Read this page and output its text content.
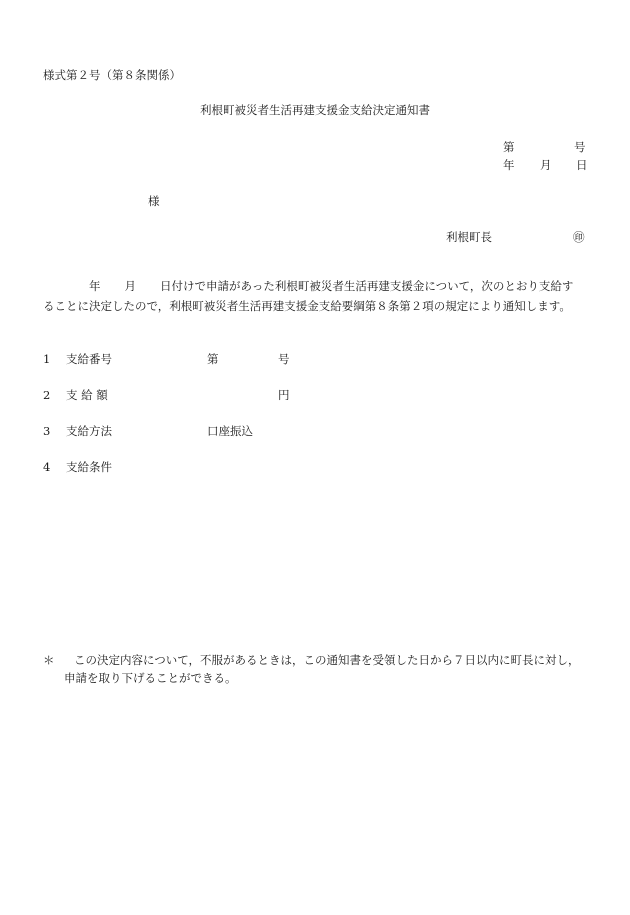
様式第２号（第８条関係）
利根町被災者生活再建支援金支給決定通知書
第	号
年 月 日
様
利根町長	㊞
年 月 日付けで申請があった利根町被災者生活再建支援金について，次のとおり支給す
ることに決定したので，利根町被災者生活再建支援金支給要綱第８条第２項の規定により通知します。
1 支給番号	第	号
2 支 給 額	円
3 支給方法	口座振込
4 支給条件
＊ この決定内容について，不服があるときは，この通知書を受領した日から７日以内に町長に対し，
申請を取り下げることができる。
